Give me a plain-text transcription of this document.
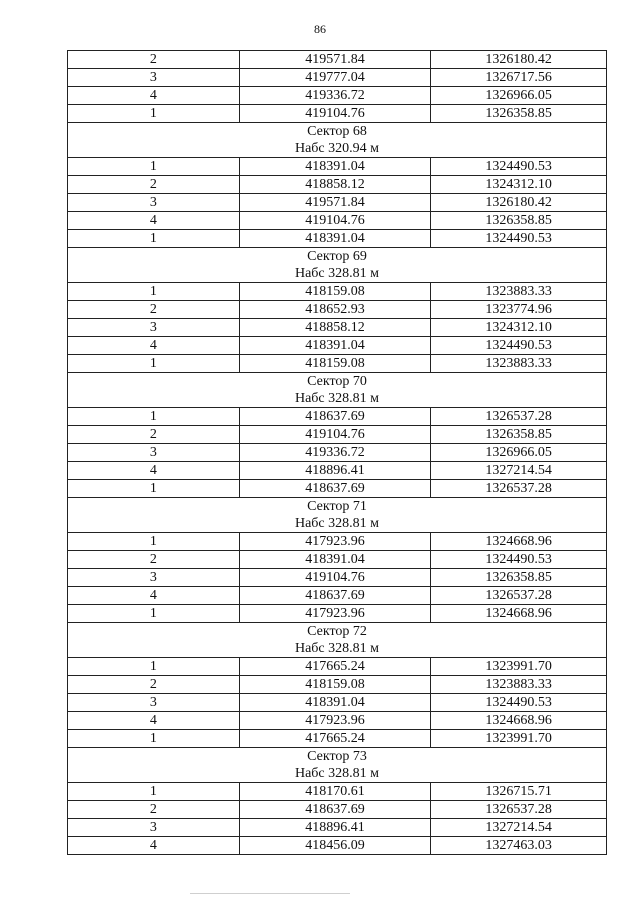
86
2	419571.84	1326180.42
3	419777.04	1326717.56
4	419336.72	1326966.05
1	419104.76	1326358.85
Сектор 68		
Набс 320.94 м		
1	418391.04	1324490.53
2	418858.12	1324312.10
3	419571.84	1326180.42
4	419104.76	1326358.85
1	418391.04	1324490.53
Сектор 69		
Набс 328.81 м		
1	418159.08	1323883.33
2	418652.93	1323774.96
3	418858.12	1324312.10
4	418391.04	1324490.53
1	418159.08	1323883.33
Сектор 70		
Набс 328.81 м		
1	418637.69	1326537.28
2	419104.76	1326358.85
3	419336.72	1326966.05
4	418896.41	1327214.54
1	418637.69	1326537.28
Сектор 71		
Набс 328.81 м		
1	417923.96	1324668.96
2	418391.04	1324490.53
3	419104.76	1326358.85
4	418637.69	1326537.28
1	417923.96	1324668.96
Сектор 72		
Набс 328.81 м		
1	417665.24	1323991.70
2	418159.08	1323883.33
3	418391.04	1324490.53
4	417923.96	1324668.96
1	417665.24	1323991.70
Сектор 73		
Набс 328.81 м		
1	418170.61	1326715.71
2	418637.69	1326537.28
3	418896.41	1327214.54
4	418456.09	1327463.03
